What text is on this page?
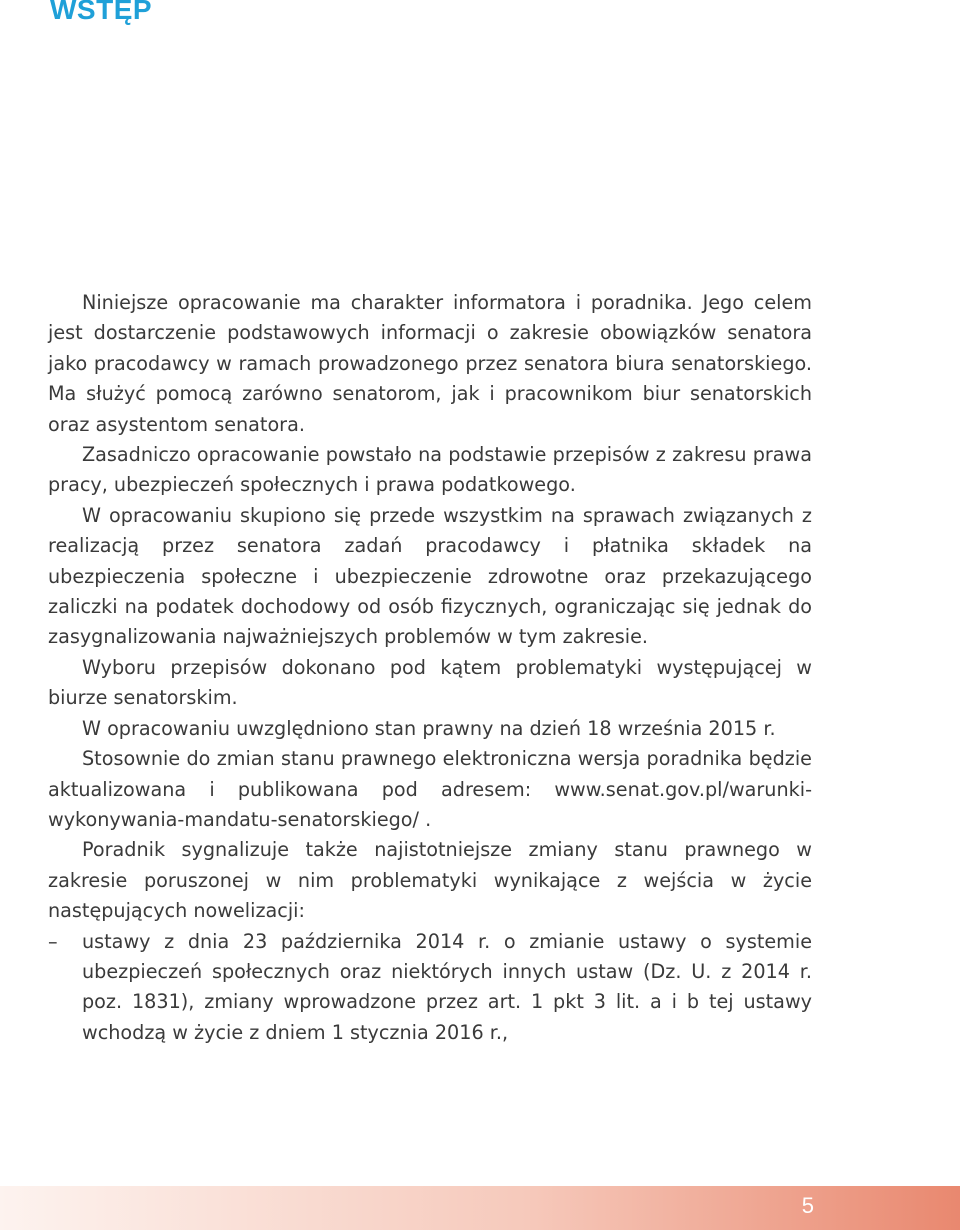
WSTĘP

Niniejsze opracowanie ma charakter informatora i poradnika. Jego celem jest dostarczenie podstawowych informacji o zakresie obowiązków senatora jako pracodawcy w ramach prowadzonego przez senatora biura senatorskiego. Ma służyć pomocą zarówno senatorom, jak i pracownikom biur senatorskich oraz asystentom senatora.

Zasadniczo opracowanie powstało na podstawie przepisów z zakresu prawa pracy, ubezpieczeń społecznych i prawa podatkowego.

W opracowaniu skupiono się przede wszystkim na sprawach związanych z realizacją przez senatora zadań pracodawcy i płatnika składek na ubezpieczenia społeczne i ubezpieczenie zdrowotne oraz przekazującego zaliczki na podatek dochodowy od osób fizycznych, ograniczając się jednak do zasygnalizowania najważniejszych problemów w tym zakresie.

Wyboru przepisów dokonano pod kątem problematyki występującej w biurze senatorskim.

W opracowaniu uwzględniono stan prawny na dzień 18 września 2015 r.

Stosownie do zmian stanu prawnego elektroniczna wersja poradnika będzie aktualizowana i publikowana pod adresem: www.senat.gov.pl/warunki-wykonywania-mandatu-senatorskiego/ .

Poradnik sygnalizuje także najistotniejsze zmiany stanu prawnego w zakresie poruszonej w nim problematyki wynikające z wejścia w życie następujących nowelizacji:

– ustawy z dnia 23 października 2014 r. o zmianie ustawy o systemie ubezpieczeń społecznych oraz niektórych innych ustaw (Dz. U. z 2014 r. poz. 1831), zmiany wprowadzone przez art. 1 pkt 3 lit. a i b tej ustawy wchodzą w życie z dniem 1 stycznia 2016 r.,
5
